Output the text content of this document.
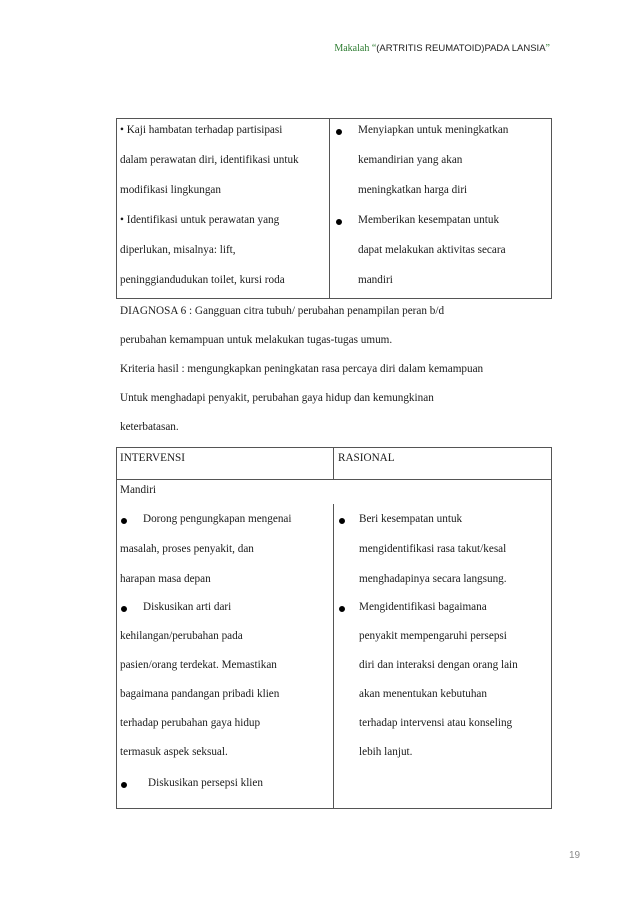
Makalah “(ARTRITIS REUMATOID)PADA LANSIA”
• Kaji hambatan terhadap partisipasi
dalam perawatan diri, identifikasi untuk
modifikasi lingkungan
• Identifikasi untuk perawatan yang
diperlukan, misalnya: lift,
peninggiandudukan toilet, kursi roda
Menyiapkan untuk meningkatkan
kemandirian yang akan
meningkatkan harga diri
Memberikan kesempatan untuk
dapat melakukan aktivitas secara
mandiri
DIAGNOSA 6 : Gangguan citra tubuh/ perubahan penampilan peran b/d
perubahan kemampuan untuk melakukan tugas-tugas umum.
Kriteria hasil : mengungkapkan peningkatan rasa percaya diri dalam kemampuan
Untuk menghadapi penyakit, perubahan gaya hidup dan kemungkinan
keterbatasan.
INTERVENSI	RASIONAL
Mandiri
Dorong pengungkapan mengenai
masalah, proses penyakit, dan
harapan masa depan
Diskusikan arti dari
kehilangan/perubahan pada
pasien/orang terdekat. Memastikan
bagaimana pandangan pribadi klien
terhadap perubahan gaya hidup
termasuk aspek seksual.
Diskusikan persepsi klien
Beri kesempatan untuk
mengidentifikasi rasa takut/kesal
menghadapinya secara langsung.
Mengidentifikasi bagaimana
penyakit mempengaruhi persepsi
diri dan interaksi dengan orang lain
akan menentukan kebutuhan
terhadap intervensi atau konseling
lebih lanjut.
19
